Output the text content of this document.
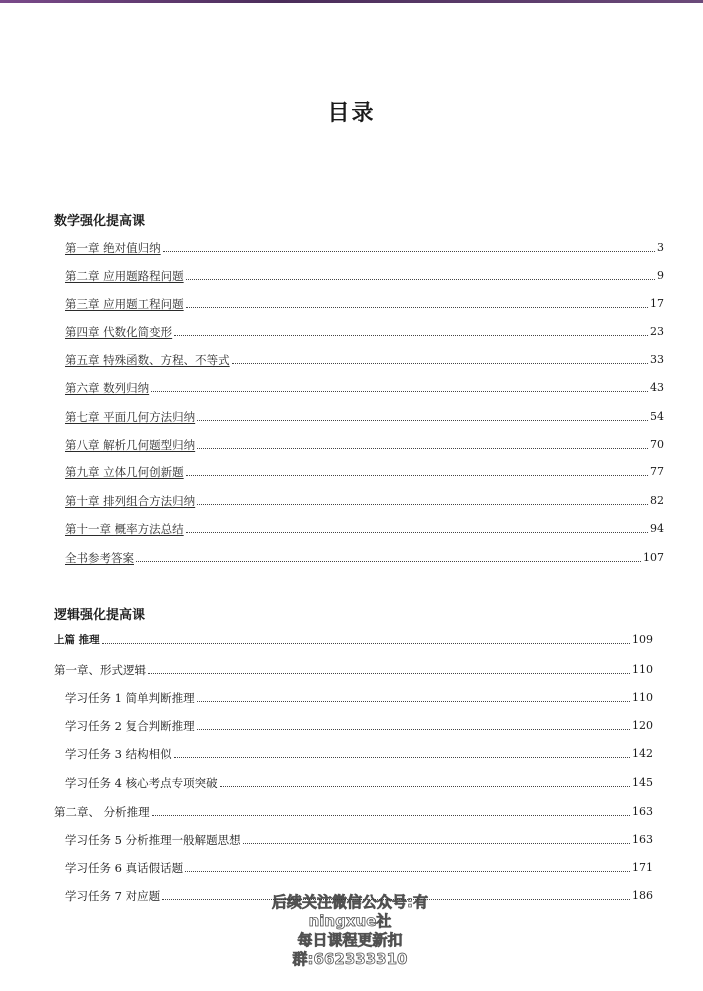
目录
数学强化提高课
第一章 绝对值归纳	3
第二章 应用题路程问题	9
第三章 应用题工程问题	17
第四章 代数化简变形	23
第五章 特殊函数、方程、不等式	33
第六章 数列归纳	43
第七章 平面几何方法归纳	54
第八章 解析几何题型归纳	70
第九章 立体几何创新题	77
第十章 排列组合方法归纳	82
第十一章 概率方法总结	94
全书参考答案	107
逻辑强化提高课
上篇 推理	109
第一章、形式逻辑	110
学习任务 1 简单判断推理	110
学习任务 2 复合判断推理	120
学习任务 3 结构相似	142
学习任务 4 核心考点专项突破	145
第二章、 分析推理	163
学习任务 5 分析推理一般解题思想	163
学习任务 6 真话假话题	171
学习任务 7 对应题	186
后续关注微信公众号:有ningxue社
每日课程更新扣群:662333310
